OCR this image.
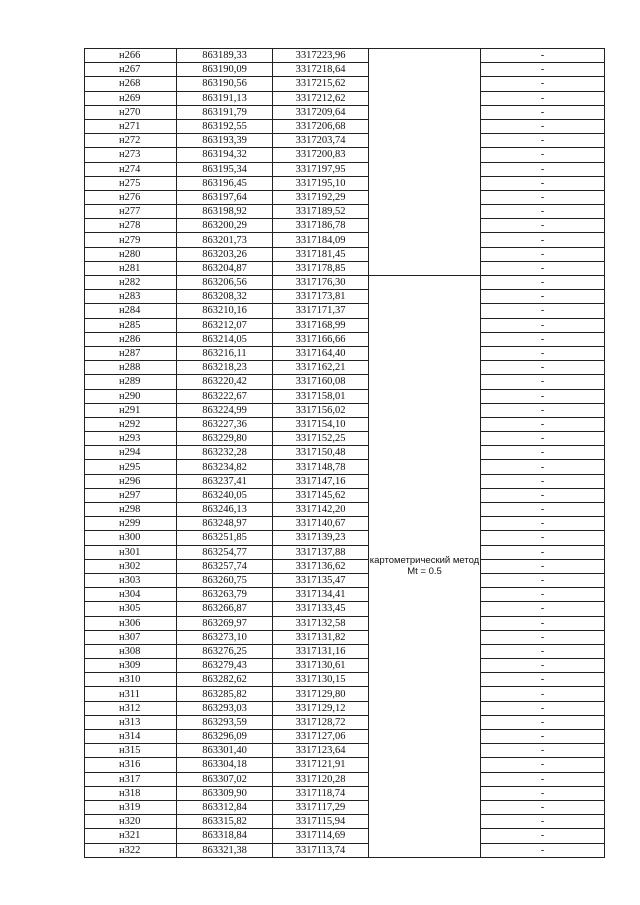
н266	863189,33	3317223,96		-
н267	863190,09	3317218,64		-
н268	863190,56	3317215,62		-
н269	863191,13	3317212,62		-
н270	863191,79	3317209,64		-
н271	863192,55	3317206,68		-
н272	863193,39	3317203,74		-
н273	863194,32	3317200,83		-
н274	863195,34	3317197,95		-
н275	863196,45	3317195,10		-
н276	863197,64	3317192,29		-
н277	863198,92	3317189,52		-
н278	863200,29	3317186,78		-
н279	863201,73	3317184,09		-
н280	863203,26	3317181,45		-
н281	863204,87	3317178,85		-
н282	863206,56	3317176,30	картометрический метод Mt = 0.5	-
н283	863208,32	3317173,81		-
н284	863210,16	3317171,37		-
н285	863212,07	3317168,99		-
н286	863214,05	3317166,66		-
н287	863216,11	3317164,40		-
н288	863218,23	3317162,21		-
н289	863220,42	3317160,08		-
н290	863222,67	3317158,01		-
н291	863224,99	3317156,02		-
н292	863227,36	3317154,10		-
н293	863229,80	3317152,25		-
н294	863232,28	3317150,48		-
н295	863234,82	3317148,78		-
н296	863237,41	3317147,16		-
н297	863240,05	3317145,62		-
н298	863246,13	3317142,20		-
н299	863248,97	3317140,67		-
н300	863251,85	3317139,23		-
н301	863254,77	3317137,88		-
н302	863257,74	3317136,62		-
н303	863260,75	3317135,47		-
н304	863263,79	3317134,41		-
н305	863266,87	3317133,45		-
н306	863269,97	3317132,58		-
н307	863273,10	3317131,82		-
н308	863276,25	3317131,16		-
н309	863279,43	3317130,61		-
н310	863282,62	3317130,15		-
н311	863285,82	3317129,80		-
н312	863293,03	3317129,12		-
н313	863293,59	3317128,72		-
н314	863296,09	3317127,06		-
н315	863301,40	3317123,64		-
н316	863304,18	3317121,91		-
н317	863307,02	3317120,28		-
н318	863309,90	3317118,74		-
н319	863312,84	3317117,29		-
н320	863315,82	3317115,94		-
н321	863318,84	3317114,69		-
н322	863321,38	3317113,74		-
